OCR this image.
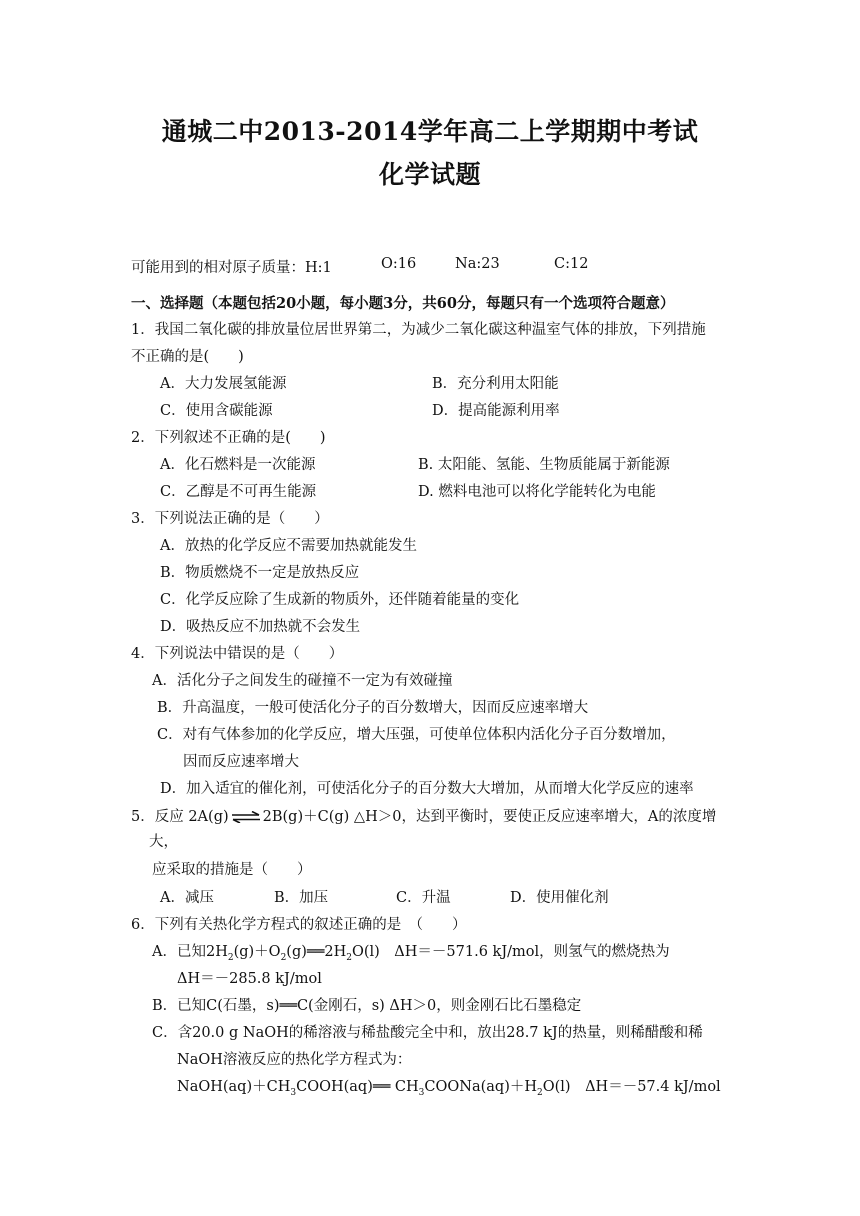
通城二中2013-2014学年高二上学期期中考试
化学试题
可能用到的相对原子质量：H:1	O:16	Na:23	C:12
一、选择题（本题包括20小题，每小题3分，共60分，每题只有一个选项符合题意）
1．我国二氧化碳的排放量位居世界第二，为减少二氧化碳这种温室气体的排放，下列措施
不正确的是(　　)
A．大力发展氢能源	B．充分利用太阳能
C．使用含碳能源	D．提高能源利用率
2．下列叙述不正确的是(　　)
A．化石燃料是一次能源	B. 太阳能、氢能、生物质能属于新能源
C．乙醇是不可再生能源	D. 燃料电池可以将化学能转化为电能
3．下列说法正确的是（　　）
A．放热的化学反应不需要加热就能发生
B．物质燃烧不一定是放热反应
C．化学反应除了生成新的物质外，还伴随着能量的变化
D．吸热反应不加热就不会发生
4．下列说法中错误的是（　　）
A．活化分子之间发生的碰撞不一定为有效碰撞
B．升高温度，一般可使活化分子的百分数增大，因而反应速率增大
C．对有气体参加的化学反应，增大压强，可使单位体积内活化分子百分数增加，
因而反应速率增大
D．加入适宜的催化剂，可使活化分子的百分数大大增加，从而增大化学反应的速率
5．反应 2A(g) ⇌ 2B(g)＋C(g) △H＞0，达到平衡时，要使正反应速率增大，A的浓度增
大，
应采取的措施是（　　）
A．减压	B．加压	C．升温	D．使用催化剂
6．下列有关热化学方程式的叙述正确的是　（　　）
A．已知$2H_2(g)+O_2(g)══2H_2O(l)$　ΔH＝－571.6 kJ/mol，则氢气的燃烧热为
ΔH＝－285.8 kJ/mol
B．已知C(石墨，s)══C(金刚石，s) ΔH＞0，则金刚石比石墨稳定
C．含20.0 g NaOH的稀溶液与稀盐酸完全中和，放出28.7 kJ的热量，则稀醋酸和稀
NaOH溶液反应的热化学方程式为：
$NaOH(aq)+CH_3COOH(aq)══$ $CH_3COONa(aq)+H_2O(l)$　ΔH＝－57.4 kJ/mol
